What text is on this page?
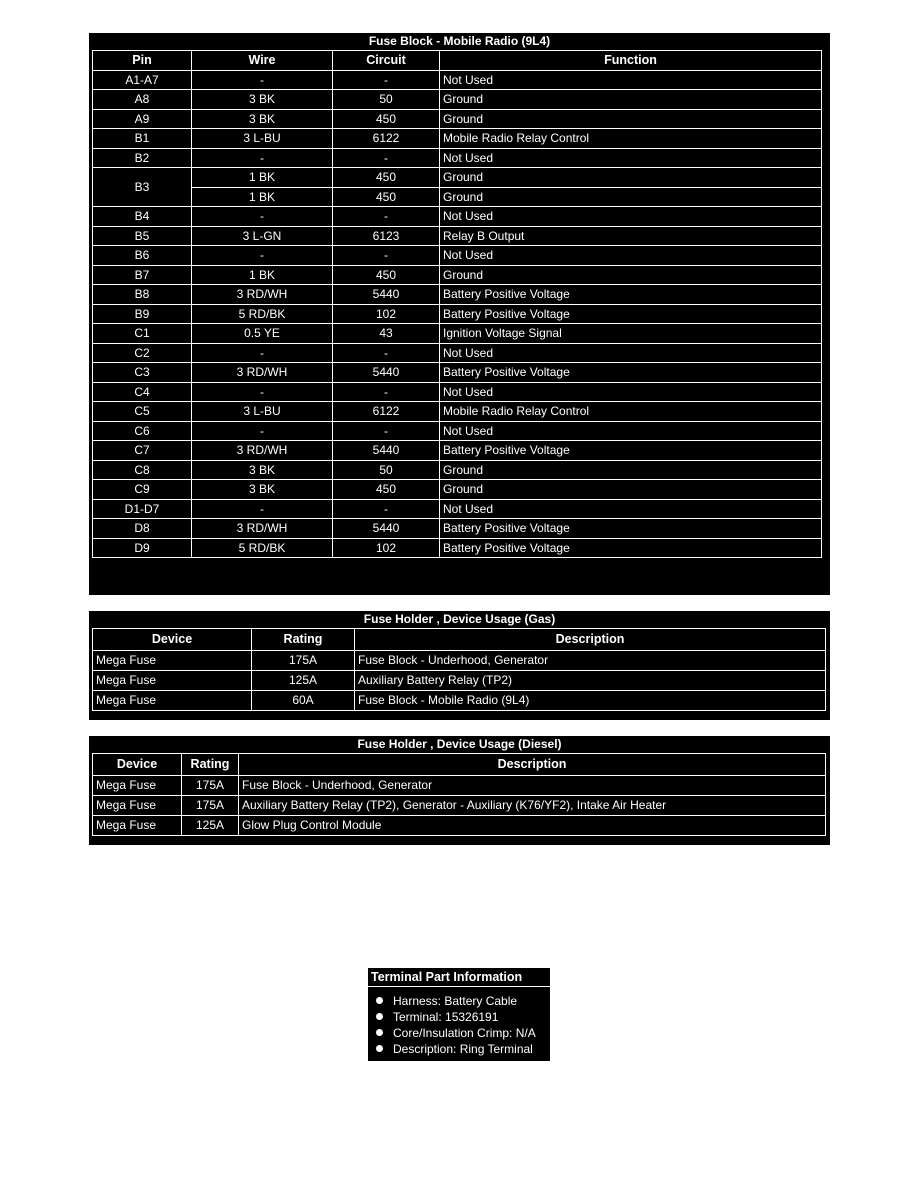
Fuse Block - Mobile Radio (9L4)
Pin	Wire	Circuit	Function
A1-A7	-	-	Not Used
A8	3 BK	50	Ground
A9	3 BK	450	Ground
B1	3 L-BU	6122	Mobile Radio Relay Control
B2	-	-	Not Used
B3	1 BK	450	Ground
	1 BK	450	Ground
B4	-	-	Not Used
B5	3 L-GN	6123	Relay B Output
B6	-	-	Not Used
B7	1 BK	450	Ground
B8	3 RD/WH	5440	Battery Positive Voltage
B9	5 RD/BK	102	Battery Positive Voltage
C1	0.5 YE	43	Ignition Voltage Signal
C2	-	-	Not Used
C3	3 RD/WH	5440	Battery Positive Voltage
C4	-	-	Not Used
C5	3 L-BU	6122	Mobile Radio Relay Control
C6	-	-	Not Used
C7	3 RD/WH	5440	Battery Positive Voltage
C8	3 BK	50	Ground
C9	3 BK	450	Ground
D1-D7	-	-	Not Used
D8	3 RD/WH	5440	Battery Positive Voltage
D9	5 RD/BK	102	Battery Positive Voltage
Fuse Holder , Device Usage (Gas)
Device	Rating	Description
Mega Fuse	175A	Fuse Block - Underhood, Generator
Mega Fuse	125A	Auxiliary Battery Relay (TP2)
Mega Fuse	60A	Fuse Block - Mobile Radio (9L4)
Fuse Holder , Device Usage (Diesel)
Device	Rating	Description
Mega Fuse	175A	Fuse Block - Underhood, Generator
Mega Fuse	175A	Auxiliary Battery Relay (TP2), Generator - Auxiliary (K76/YF2), Intake Air Heater
Mega Fuse	125A	Glow Plug Control Module
Terminal Part Information
Harness: Battery Cable
Terminal: 15326191
Core/Insulation Crimp: N/A
Description: Ring Terminal
